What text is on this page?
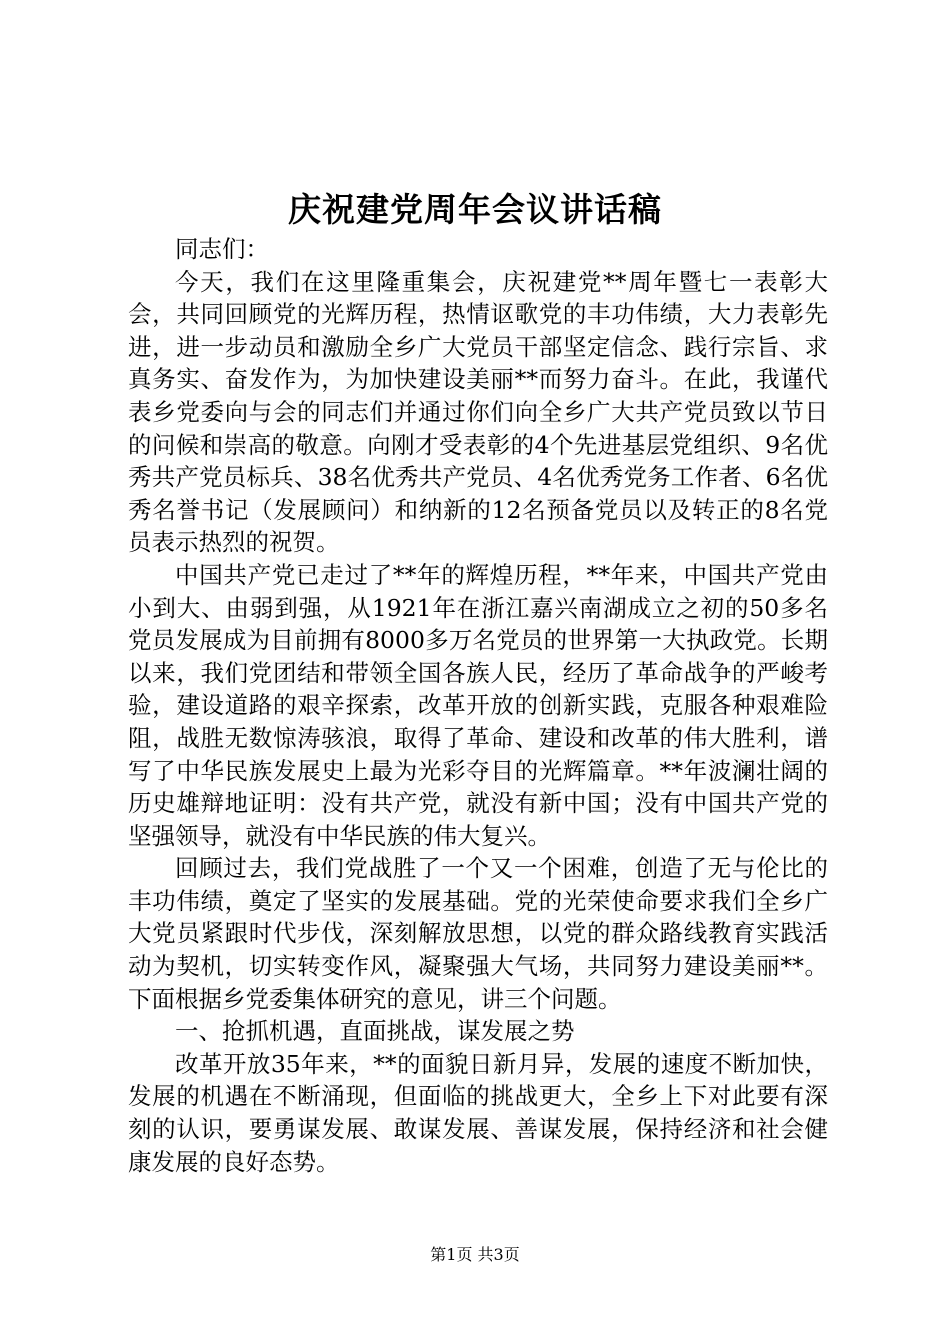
庆祝建党周年会议讲话稿

同志们：

今天，我们在这里隆重集会，庆祝建党**周年暨七一表彰大会，共同回顾党的光辉历程，热情讴歌党的丰功伟绩，大力表彰先进，进一步动员和激励全乡广大党员干部坚定信念、践行宗旨、求真务实、奋发作为，为加快建设美丽**而努力奋斗。在此，我谨代表乡党委向与会的同志们并通过你们向全乡广大共产党员致以节日的问候和崇高的敬意。向刚才受表彰的4个先进基层党组织、9名优秀共产党员标兵、38名优秀共产党员、4名优秀党务工作者、6名优秀名誉书记（发展顾问）和纳新的12名预备党员以及转正的8名党员表示热烈的祝贺。

中国共产党已走过了**年的辉煌历程，**年来，中国共产党由小到大、由弱到强，从1921年在浙江嘉兴南湖成立之初的50多名党员发展成为目前拥有8000多万名党员的世界第一大执政党。长期以来，我们党团结和带领全国各族人民，经历了革命战争的严峻考验，建设道路的艰辛探索，改革开放的创新实践，克服各种艰难险阻，战胜无数惊涛骇浪，取得了革命、建设和改革的伟大胜利，谱写了中华民族发展史上最为光彩夺目的光辉篇章。**年波澜壮阔的历史雄辩地证明：没有共产党，就没有新中国；没有中国共产党的坚强领导，就没有中华民族的伟大复兴。

回顾过去，我们党战胜了一个又一个困难，创造了无与伦比的丰功伟绩，奠定了坚实的发展基础。党的光荣使命要求我们全乡广大党员紧跟时代步伐，深刻解放思想，以党的群众路线教育实践活动为契机，切实转变作风，凝聚强大气场，共同努力建设美丽**。下面根据乡党委集体研究的意见，讲三个问题。

一、抢抓机遇，直面挑战，谋发展之势

改革开放35年来，**的面貌日新月异，发展的速度不断加快，发展的机遇在不断涌现，但面临的挑战更大，全乡上下对此要有深刻的认识，要勇谋发展、敢谋发展、善谋发展，保持经济和社会健康发展的良好态势。

第1页 共3页
